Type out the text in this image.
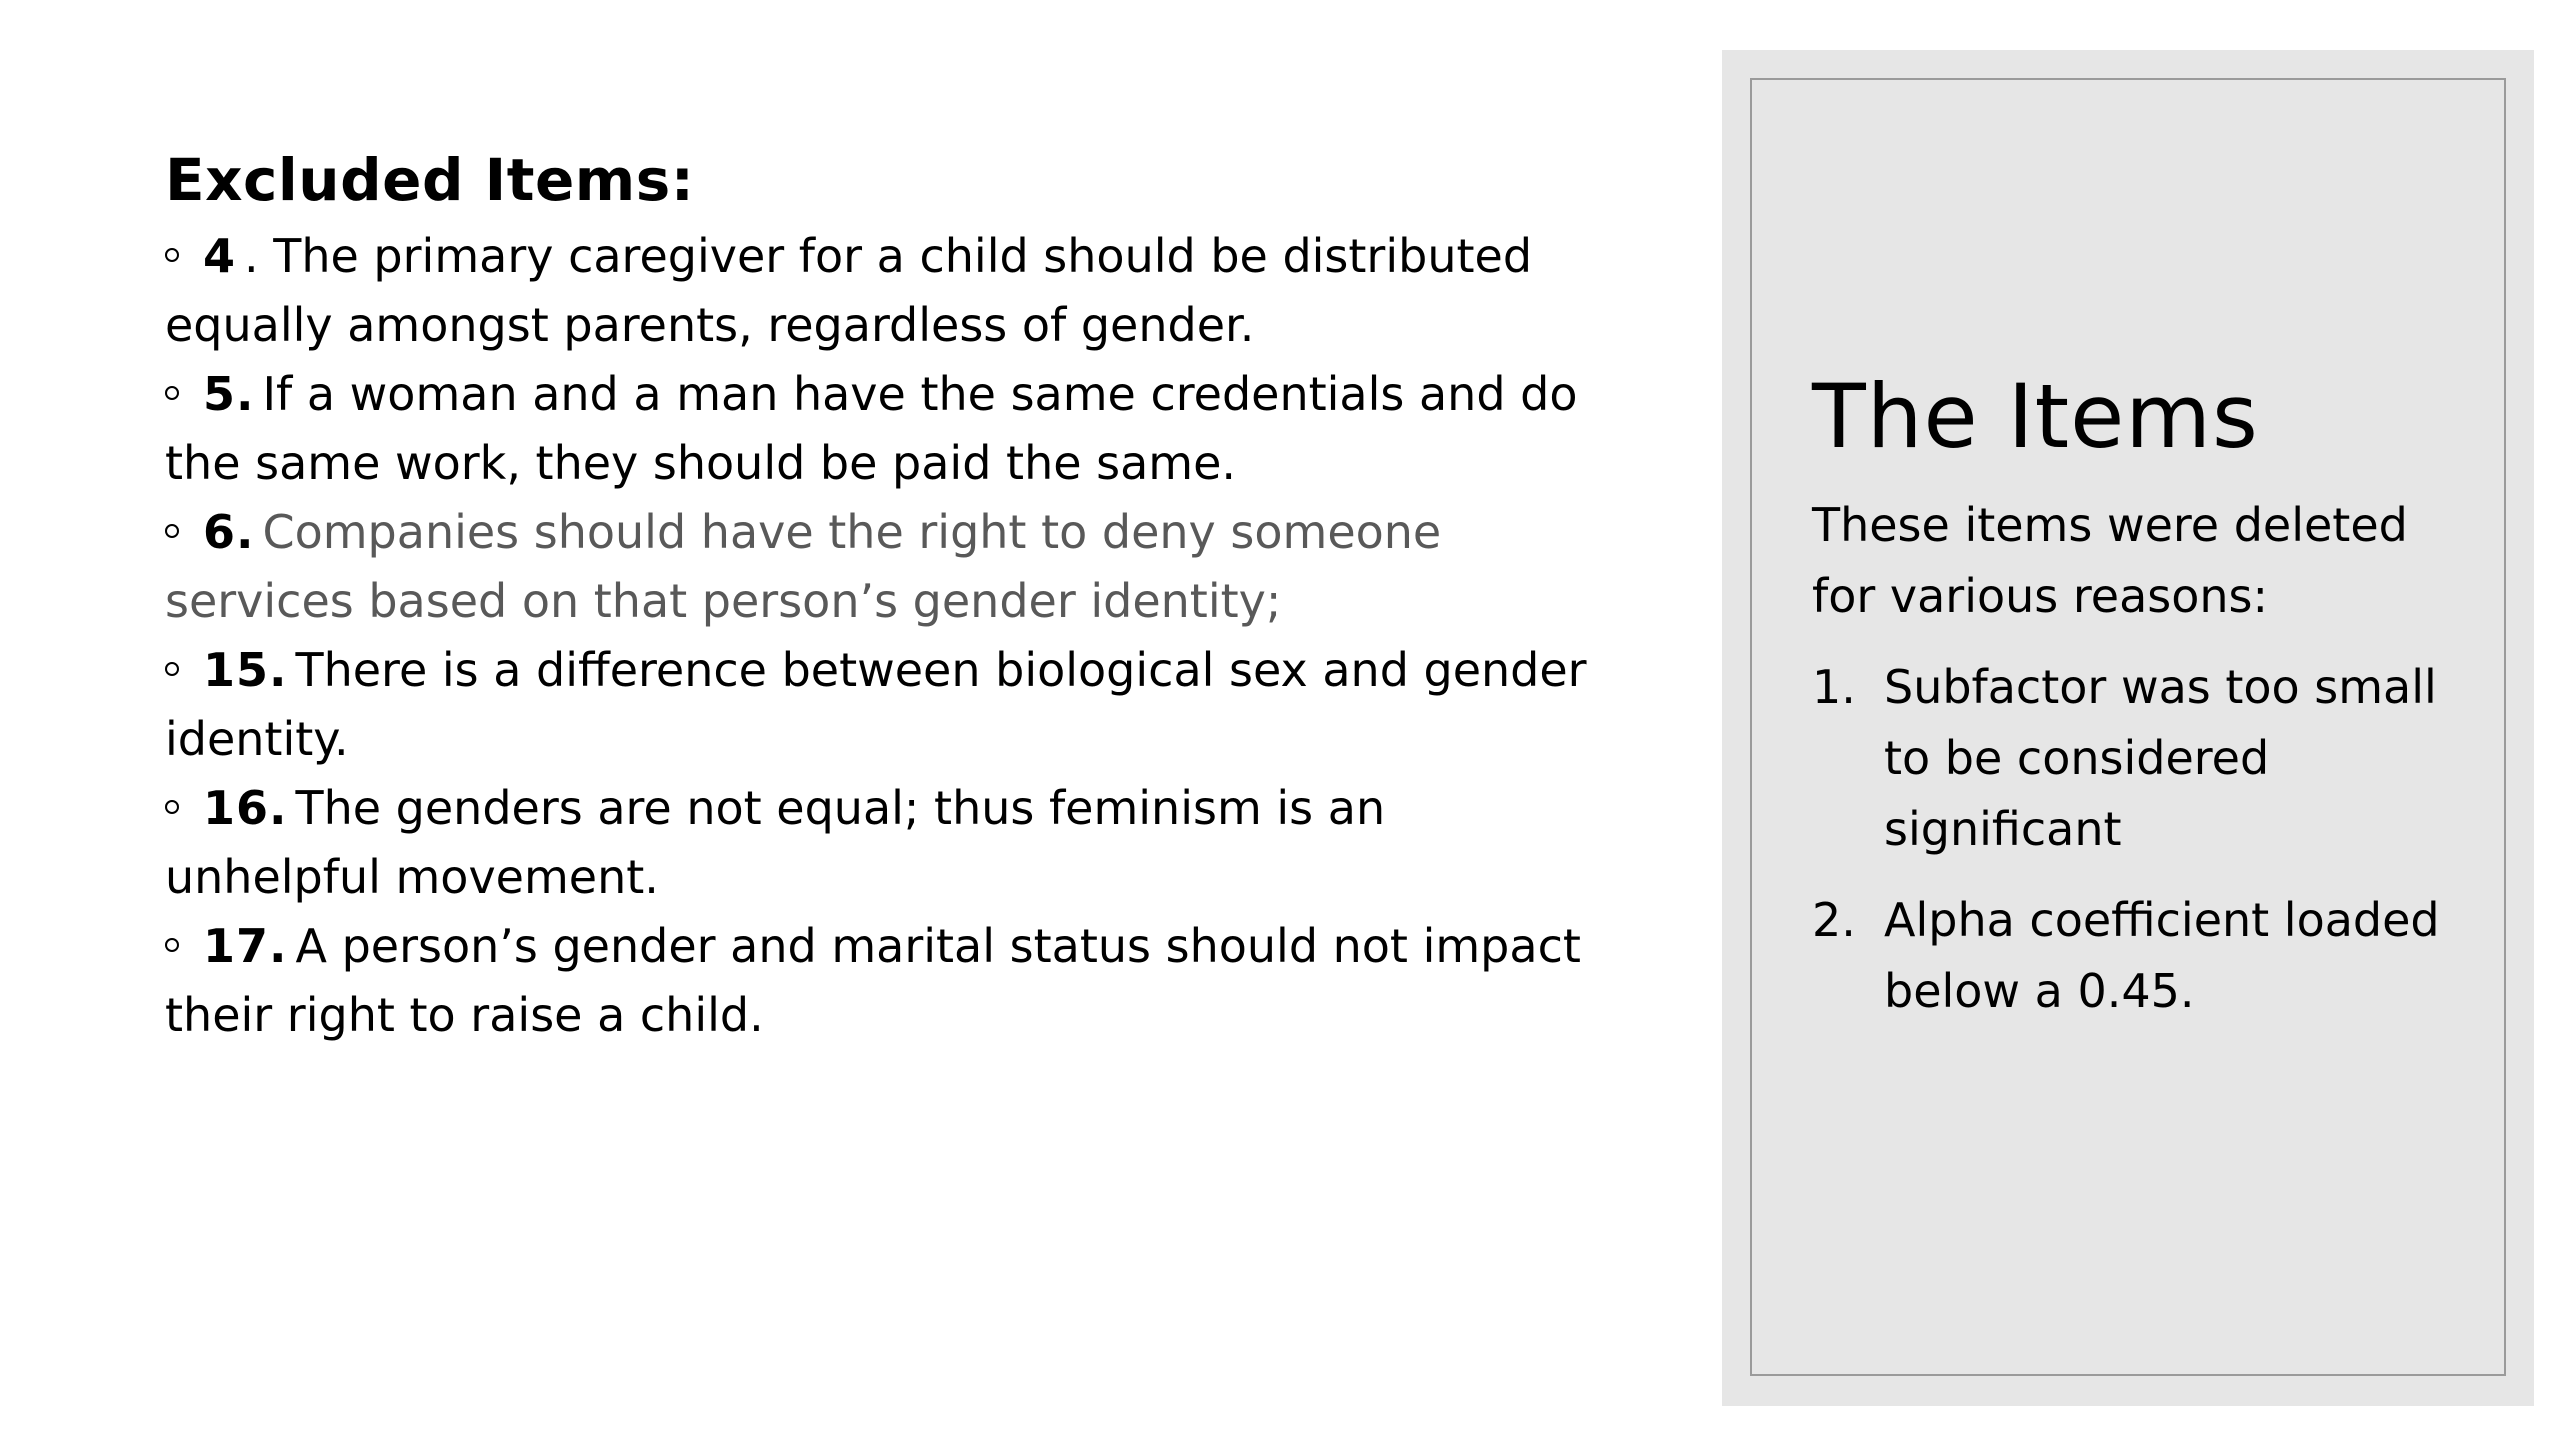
Excluded Items:
4 . The primary caregiver for a child should be distributed equally amongst parents, regardless of gender.
5. If a woman and a man have the same credentials and do the same work, they should be paid the same.
6. Companies should have the right to deny someone services based on that person’s gender identity;
15. There is a difference between biological sex and gender identity.
16. The genders are not equal; thus feminism is an unhelpful movement.
17. A person’s gender and marital status should not impact their right to raise a child.
The Items
These items were deleted for various reasons:
1. Subfactor was too small to be considered significant
2. Alpha coefficient loaded below a 0.45.
